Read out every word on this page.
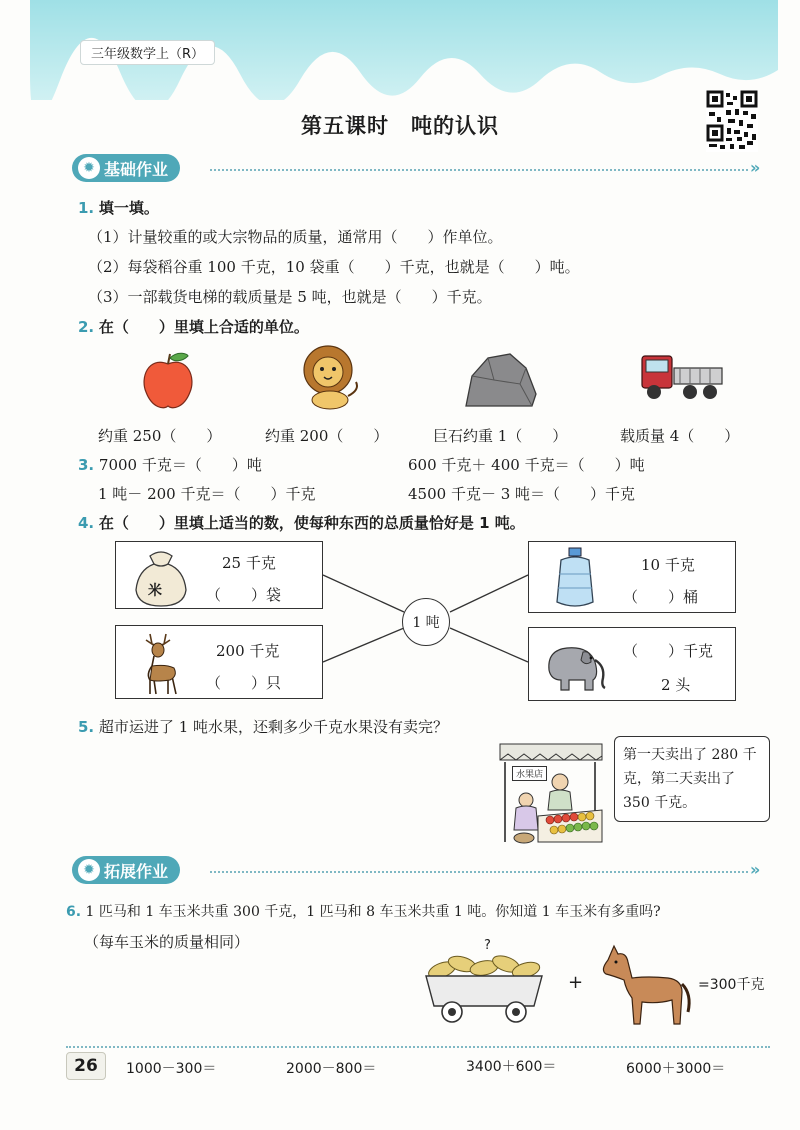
三年级数学上（R）
第五课时　吨的认识
✹ 基础作业	»
1. 填一填。
（1）计量较重的或大宗物品的质量，通常用（　　）作单位。
（2）每袋稻谷重 100 千克，10 袋重（　　）千克，也就是（　　）吨。
（3）一部载货电梯的载质量是 5 吨，也就是（　　）千克。
2. 在（　　）里填上合适的单位。
约重 250（　　）	约重 200（　　）	巨石约重 1（　　）	载质量 4（　　）
3. 7000 千克＝（　　）吨	600 千克＋ 400 千克＝（　　）吨
1 吨－ 200 千克＝（　　）千克	4500 千克－ 3 吨＝（　　）千克
4. 在（　　）里填上适当的数，使每种东西的总质量恰好是 1 吨。
米
25 千克
（　　）袋
200 千克
（　　）只
1 吨
10 千克
（　　）桶
（　　）千克
2 头
5. 超市运进了 1 吨水果，还剩多少千克水果没有卖完？
水果店
第一天卖出了 280 千
克，第二天卖出了
350 千克。
✹ 拓展作业	»
6. 1 匹马和 1 车玉米共重 300 千克，1 匹马和 8 车玉米共重 1 吨。你知道 1 车玉米有多重吗?
（每车玉米的质量相同）	?
+	=300千克
26	1000－300＝	2000－800＝	3400＋600＝	6000＋3000＝
